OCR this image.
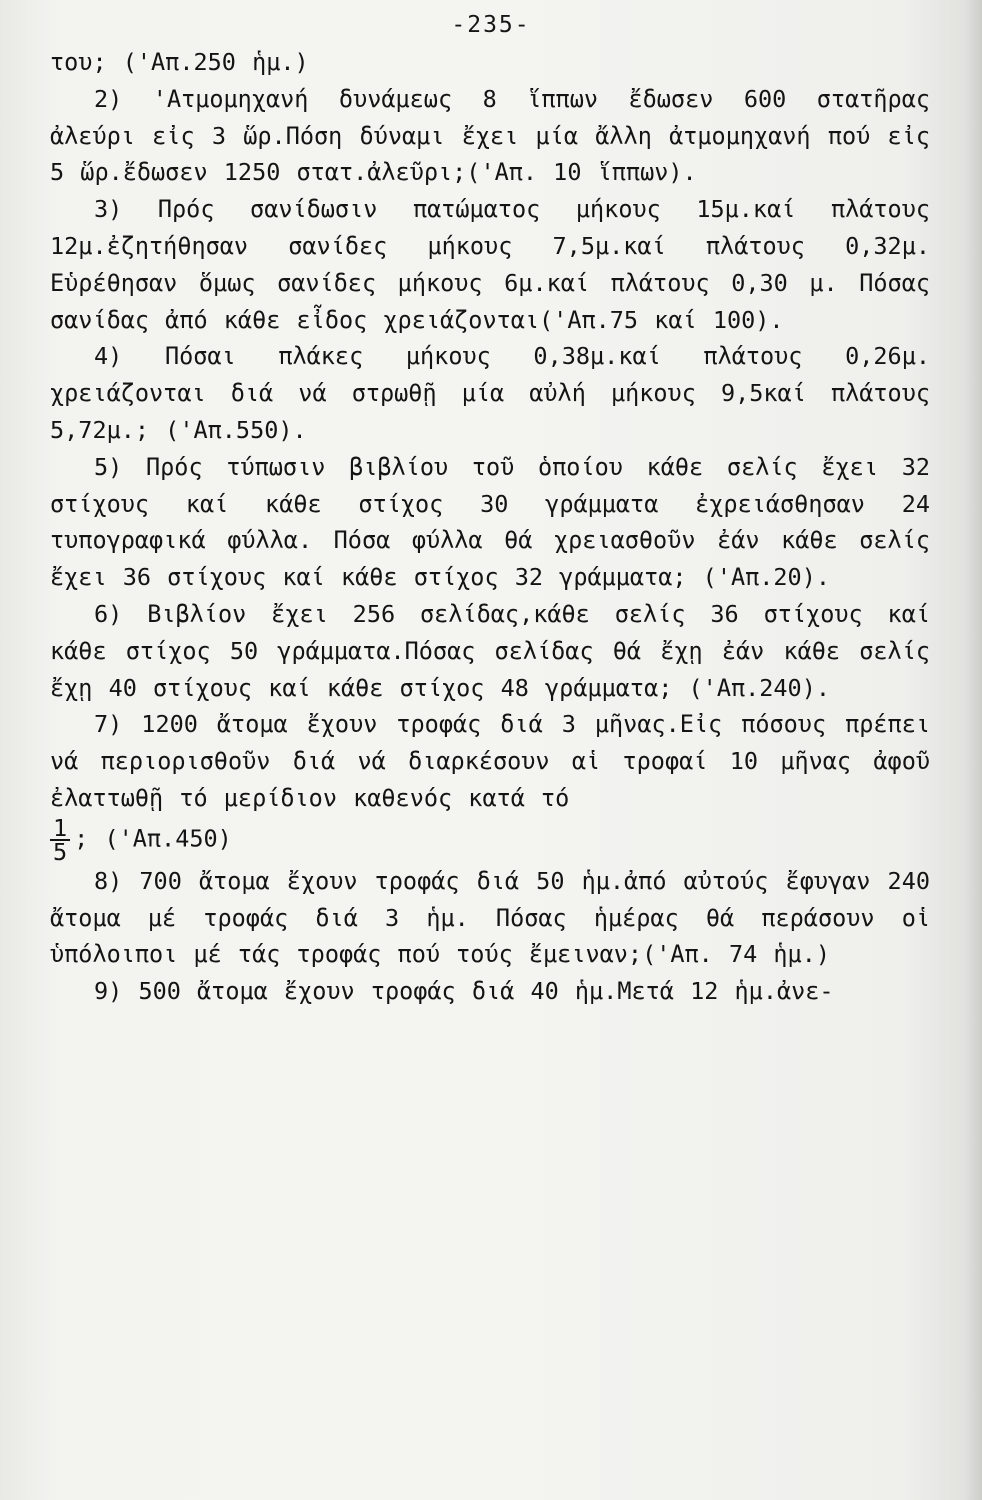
-235-

του; ('Απ.250 ἡμ.)

2) 'Ατμομηχανή δυνάμεως 8 ἵππων ἔδωσεν 600 στατῆρας ἀλεύρι εἰς 3 ὥρ.Πόση δύναμι ἔχει μία ἄλλη ἀτμομηχανή πού εἰς 5 ὥρ.ἔδωσεν 1250 στατ.ἀλεῦρι;('Απ. 10 ἵππων).

3) Πρός σανίδωσιν πατώματος μήκους 15μ.καί πλάτους 12μ.ἐζητήθησαν σανίδες μήκους 7,5μ.καί πλάτους 0,32μ. Εὑρέθησαν ὅμως σανίδες μήκους 6μ.καί πλάτους 0,30 μ. Πόσας σανίδας ἀπό κάθε εἶδος χρειάζονται('Απ.75 καί 100).

4) Πόσαι πλάκες μήκους 0,38μ.καί πλάτους 0,26μ. χρειάζονται διά νά στρωθῇ μία αὐλή μήκους 9,5καί πλάτους 5,72μ.; ('Απ.550).

5) Πρός τύπωσιν βιβλίου τοῦ ὁποίου κάθε σελίς ἔχει 32 στίχους καί κάθε στίχος 30 γράμματα ἐχρειάσθησαν 24 τυπογραφικά φύλλα. Πόσα φύλλα θά χρειασθοῦν ἐάν κάθε σελίς ἔχει 36 στίχους καί κάθε στίχος 32 γράμματα; ('Απ.20).

6) Βιβλίον ἔχει 256 σελίδας,κάθε σελίς 36 στίχους καί κάθε στίχος 50 γράμματα.Πόσας σελίδας θά ἔχῃ ἐάν κάθε σελίς ἔχῃ 40 στίχους καί κάθε στίχος 48 γράμματα; ('Απ.240).

7) 1200 ἄτομα ἔχουν τροφάς διά 3 μῆνας.Εἰς πόσους πρέπει νά περιορισθοῦν διά νά διαρκέσουν αἱ τροφαί 10 μῆνας ἀφοῦ ἐλαττωθῇ τό μερίδιον καθενός κατά τό

$\frac{1}{5}$ ; ('Απ.450)

8) 700 ἄτομα ἔχουν τροφάς διά 50 ἡμ.ἀπό αὐτούς ἔφυγαν 240 ἄτομα μέ τροφάς διά 3 ἡμ. Πόσας ἡμέρας θά περάσουν οἱ ὑπόλοιποι μέ τάς τροφάς πού τούς ἔμειναν;('Απ. 74 ἡμ.)

9) 500 ἄτομα ἔχουν τροφάς διά 40 ἡμ.Μετά 12 ἡμ.ἀνε-
